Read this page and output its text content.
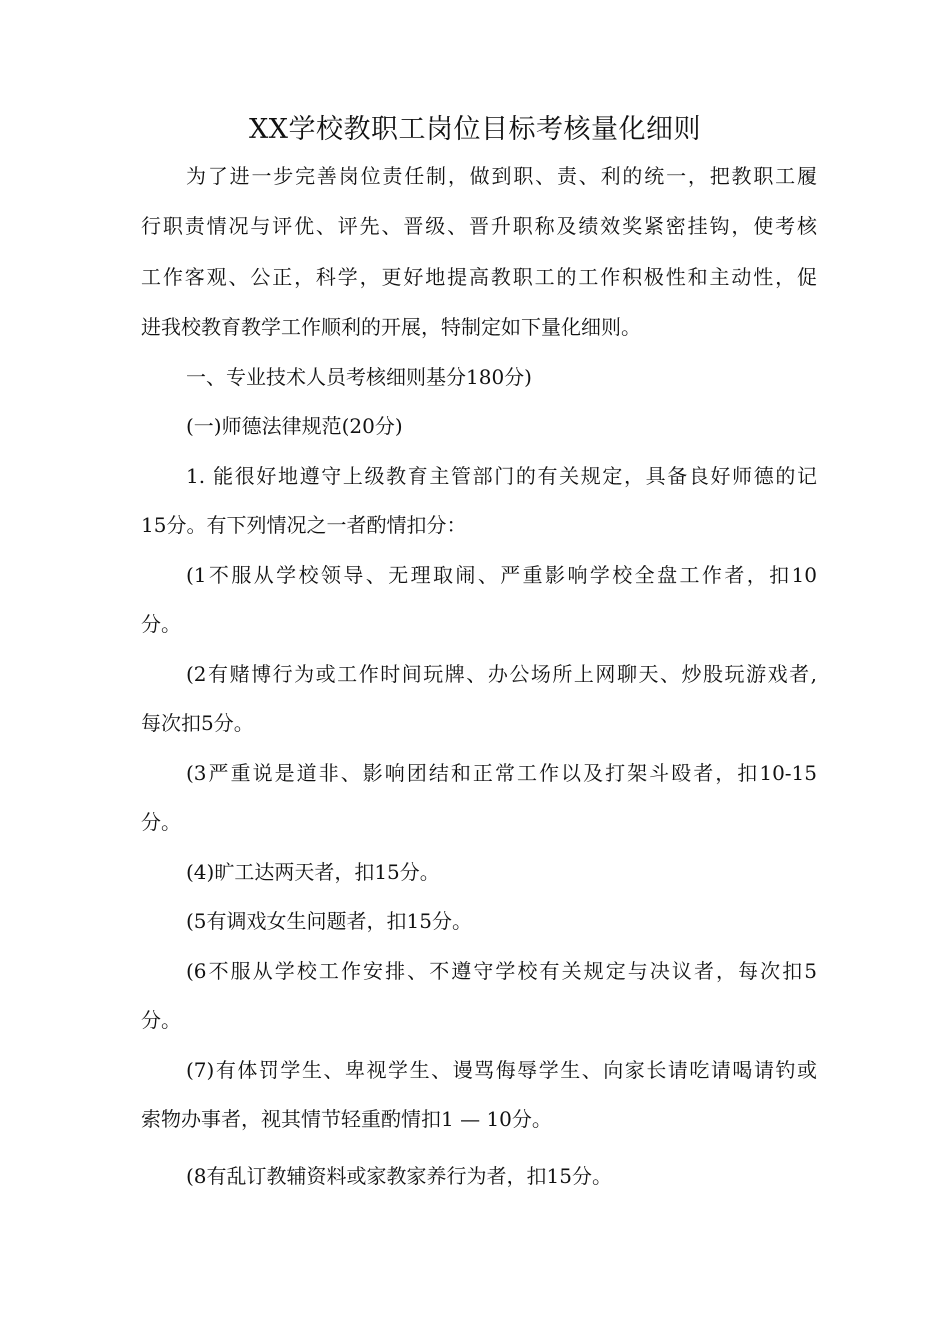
XX学校教职工岗位目标考核量化细则
为了进一步完善岗位责任制，做到职、责、利的统一，把教职工履
行职责情况与评优、评先、晋级、晋升职称及绩效奖紧密挂钩，使考核
工作客观、公正，科学，更好地提高教职工的工作积极性和主动性，促
进我校教育教学工作顺利的开展，特制定如下量化细则。
一、专业技术人员考核细则基分180分)
(一)师德法律规范(20分)
1. 能很好地遵守上级教育主管部门的有关规定，具备良好师德的记
15分。有下列情况之一者酌情扣分：
(1不服从学校领导、无理取闹、严重影响学校全盘工作者，扣10
分。
(2有赌博行为或工作时间玩牌、办公场所上网聊天、炒股玩游戏者,
每次扣5分。
(3严重说是道非、影响团结和正常工作以及打架斗殴者，扣10-15
分。
(4)旷工达两天者，扣15分。
(5有调戏女生问题者，扣15分。
(6不服从学校工作安排、不遵守学校有关规定与决议者，每次扣5
分。
(7)有体罚学生、卑视学生、谩骂侮辱学生、向家长请吃请喝请钓或
索物办事者，视其情节轻重酌情扣1 — 10分。
(8有乱订教辅资料或家教家养行为者，扣15分。
